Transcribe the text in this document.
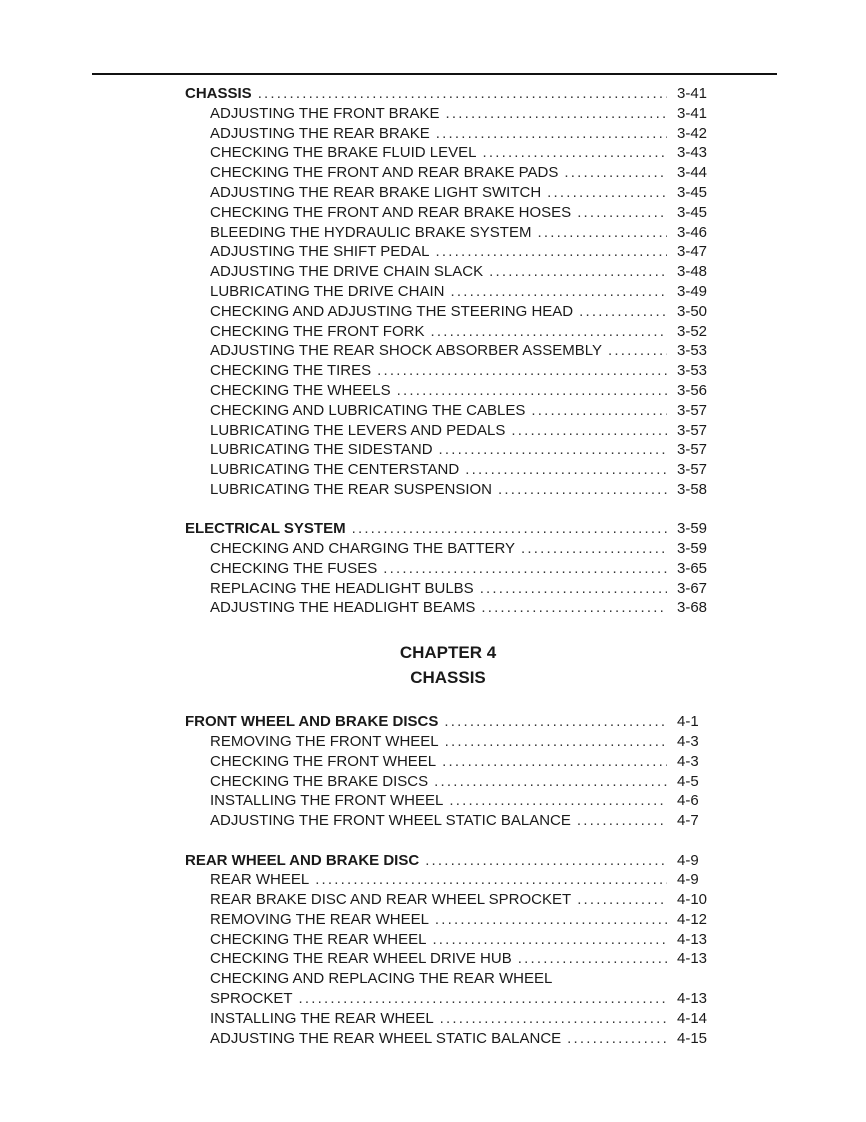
CHASSIS .....	3-41
ADJUSTING THE FRONT BRAKE .....	3-41
ADJUSTING THE REAR BRAKE .....	3-42
CHECKING THE BRAKE FLUID LEVEL .....	3-43
CHECKING THE FRONT AND REAR BRAKE PADS .....	3-44
ADJUSTING THE REAR BRAKE LIGHT SWITCH .....	3-45
CHECKING THE FRONT AND REAR BRAKE HOSES .....	3-45
BLEEDING THE HYDRAULIC BRAKE SYSTEM .....	3-46
ADJUSTING THE SHIFT PEDAL .....	3-47
ADJUSTING THE DRIVE CHAIN SLACK .....	3-48
LUBRICATING THE DRIVE CHAIN .....	3-49
CHECKING AND ADJUSTING THE STEERING HEAD .....	3-50
CHECKING THE FRONT FORK .....	3-52
ADJUSTING THE REAR SHOCK ABSORBER ASSEMBLY .....	3-53
CHECKING THE TIRES .....	3-53
CHECKING THE WHEELS .....	3-56
CHECKING AND LUBRICATING THE CABLES .....	3-57
LUBRICATING THE LEVERS AND PEDALS .....	3-57
LUBRICATING THE SIDESTAND .....	3-57
LUBRICATING THE CENTERSTAND .....	3-57
LUBRICATING THE REAR SUSPENSION .....	3-58
ELECTRICAL SYSTEM .....	3-59
CHECKING AND CHARGING THE BATTERY .....	3-59
CHECKING THE FUSES .....	3-65
REPLACING THE HEADLIGHT BULBS .....	3-67
ADJUSTING THE HEADLIGHT BEAMS .....	3-68
CHAPTER 4
CHASSIS
FRONT WHEEL AND BRAKE DISCS .....	4-1
REMOVING THE FRONT WHEEL .....	4-3
CHECKING THE FRONT WHEEL .....	4-3
CHECKING THE BRAKE DISCS .....	4-5
INSTALLING THE FRONT WHEEL .....	4-6
ADJUSTING THE FRONT WHEEL STATIC BALANCE .....	4-7
REAR WHEEL AND BRAKE DISC .....	4-9
REAR WHEEL .....	4-9
REAR BRAKE DISC AND REAR WHEEL SPROCKET .....	4-10
REMOVING THE REAR WHEEL .....	4-12
CHECKING THE REAR WHEEL .....	4-13
CHECKING THE REAR WHEEL DRIVE HUB .....	4-13
CHECKING AND REPLACING THE REAR WHEEL
SPROCKET .....	4-13
INSTALLING THE REAR WHEEL .....	4-14
ADJUSTING THE REAR WHEEL STATIC BALANCE .....	4-15
